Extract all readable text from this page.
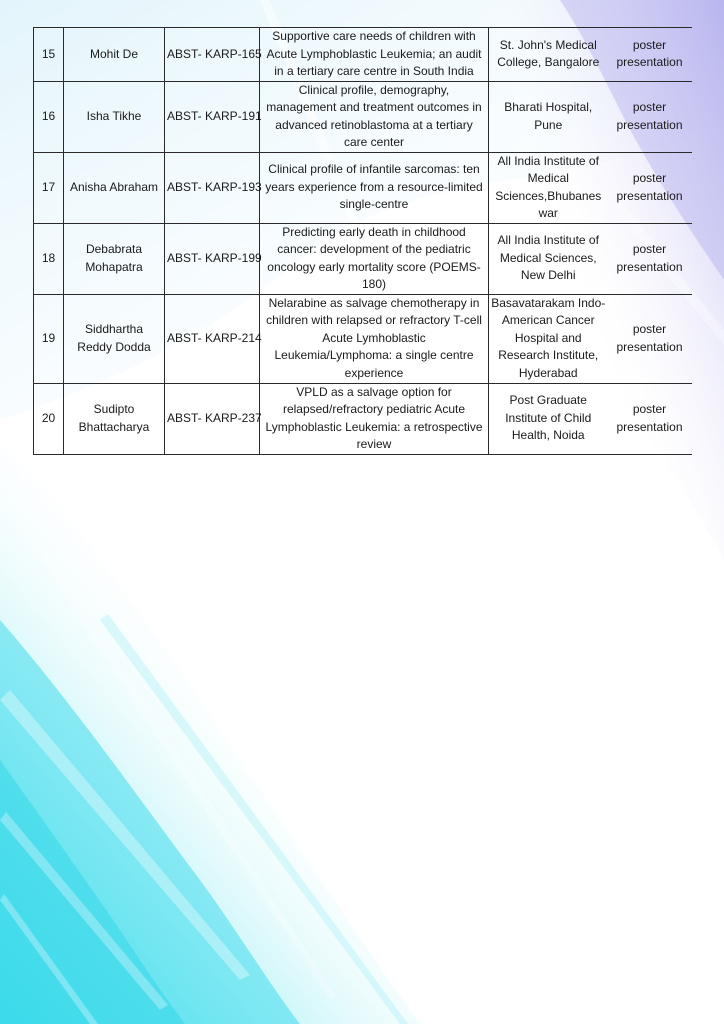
15	Mohit De	ABST- KARP-165	Supportive care needs of children with Acute Lymphoblastic Leukemia; an audit in a tertiary care centre in South India	St. John's Medical College, Bangalore	poster presentation
16	Isha Tikhe	ABST- KARP-191	Clinical profile, demography, management and treatment outcomes in advanced retinoblastoma at a tertiary care center	Bharati Hospital, Pune	poster presentation
17	Anisha Abraham	ABST- KARP-193	Clinical profile of infantile sarcomas: ten years experience from a resource-limited single-centre	All India Institute of Medical Sciences,Bhubaneswar	poster presentation
18	Debabrata Mohapatra	ABST- KARP-199	Predicting early death in childhood cancer: development of the pediatric oncology early mortality score (POEMS-180)	All India Institute of Medical Sciences, New Delhi	poster presentation
19	Siddhartha Reddy Dodda	ABST- KARP-214	Nelarabine as salvage chemotherapy in children with relapsed or refractory T-cell Acute Lymhoblastic Leukemia/Lymphoma: a single centre experience	Basavatarakam Indo-American Cancer Hospital and Research Institute, Hyderabad	poster presentation
20	Sudipto Bhattacharya	ABST- KARP-237	VPLD as a salvage option for relapsed/refractory pediatric Acute Lymphoblastic Leukemia: a retrospective review	Post Graduate Institute of Child Health, Noida	poster presentation
